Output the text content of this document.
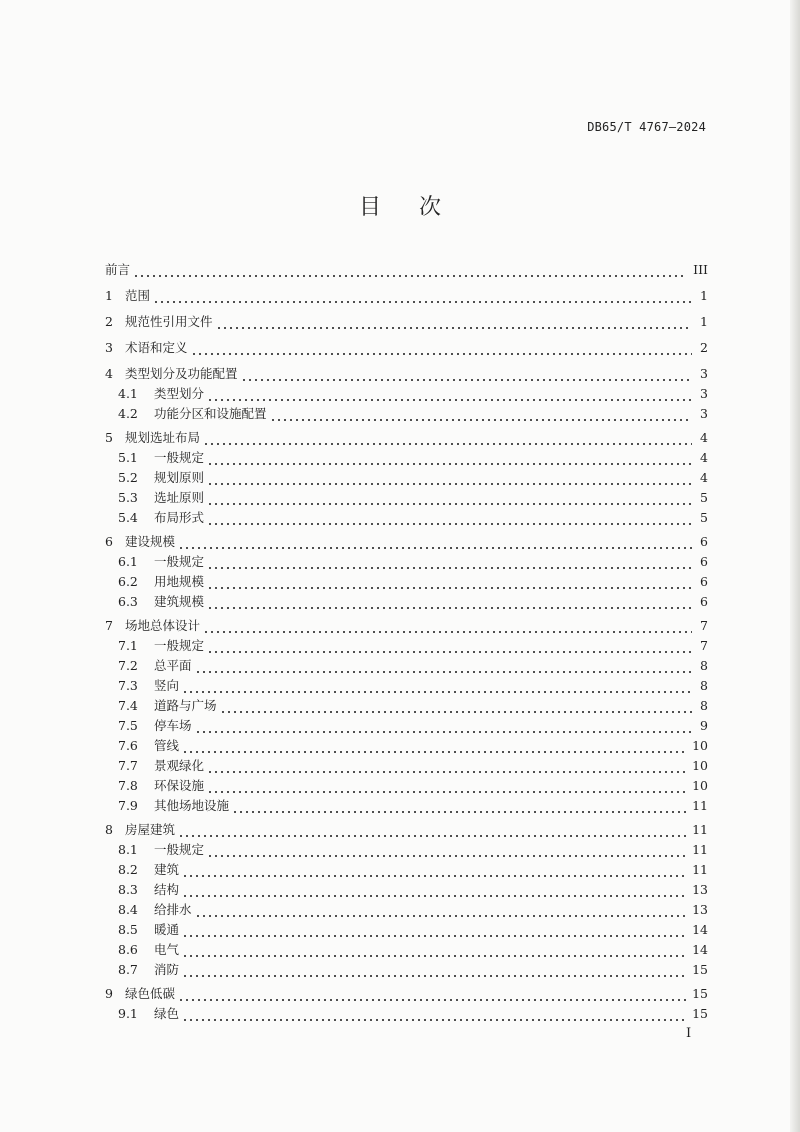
DB65/T 4767—2024
目次
前言	III
1 范围	1
2 规范性引用文件	1
3 术语和定义	2
4 类型划分及功能配置	3
4.1	类型划分	3
4.2	功能分区和设施配置	3
5 规划选址布局	4
5.1	一般规定	4
5.2	规划原则	4
5.3	选址原则	5
5.4	布局形式	5
6 建设规模	6
6.1	一般规定	6
6.2	用地规模	6
6.3	建筑规模	6
7 场地总体设计	7
7.1	一般规定	7
7.2	总平面	8
7.3	竖向	8
7.4	道路与广场	8
7.5	停车场	9
7.6	管线	10
7.7	景观绿化	10
7.8	环保设施	10
7.9	其他场地设施	11
8 房屋建筑	11
8.1	一般规定	11
8.2	建筑	11
8.3	结构	13
8.4	给排水	13
8.5	暖通	14
8.6	电气	14
8.7	消防	15
9 绿色低碳	15
9.1	绿色	15
I
